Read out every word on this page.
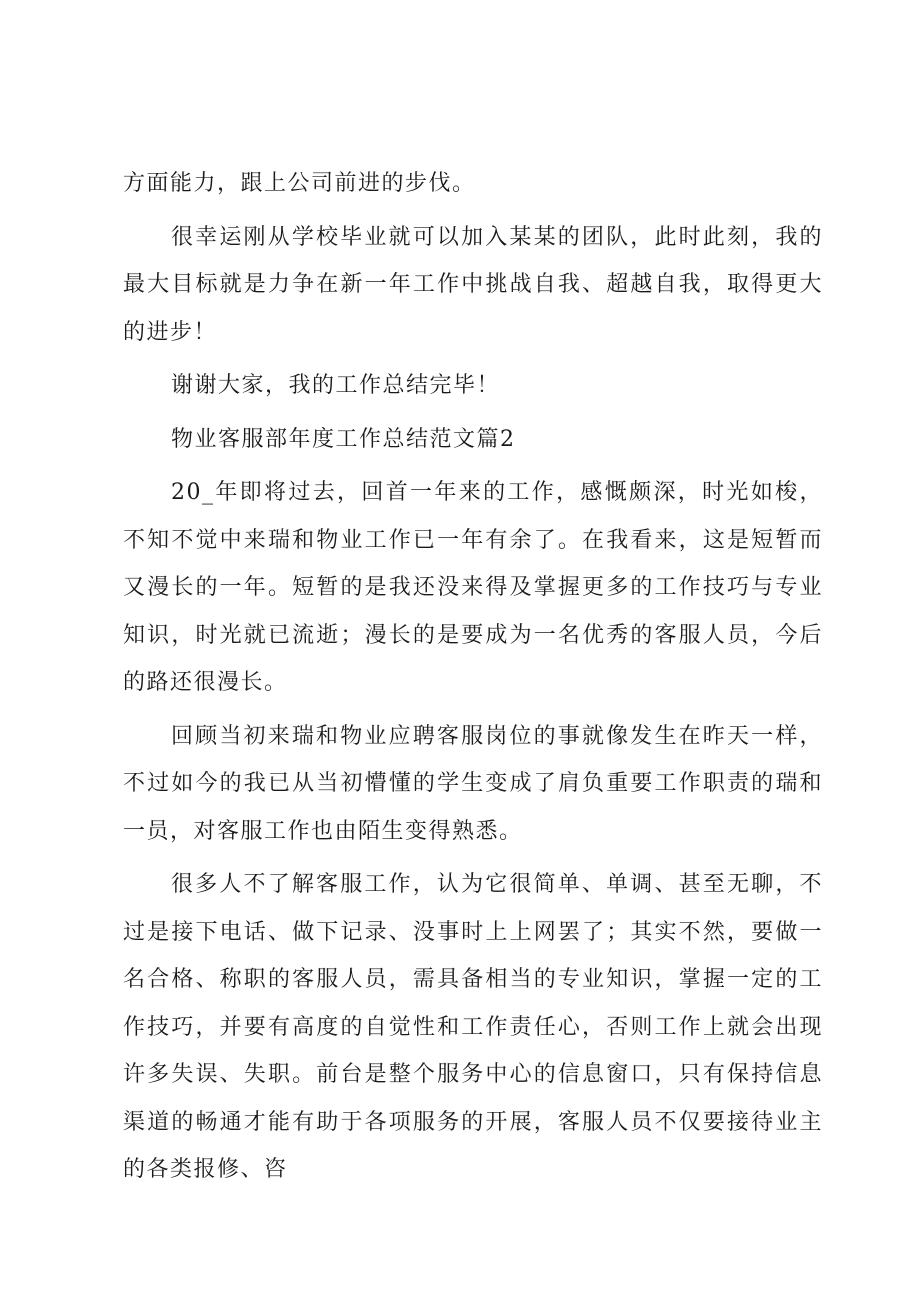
方面能力，跟上公司前进的步伐。

很幸运刚从学校毕业就可以加入某某的团队，此时此刻，我的最大目标就是力争在新一年工作中挑战自我、超越自我，取得更大的进步！

谢谢大家，我的工作总结完毕！

物业客服部年度工作总结范文篇2

20_年即将过去，回首一年来的工作，感慨颇深，时光如梭，不知不觉中来瑞和物业工作已一年有余了。在我看来，这是短暂而又漫长的一年。短暂的是我还没来得及掌握更多的工作技巧与专业知识，时光就已流逝；漫长的是要成为一名优秀的客服人员，今后的路还很漫长。

回顾当初来瑞和物业应聘客服岗位的事就像发生在昨天一样，不过如今的我已从当初懵懂的学生变成了肩负重要工作职责的瑞和一员，对客服工作也由陌生变得熟悉。

很多人不了解客服工作，认为它很简单、单调、甚至无聊，不过是接下电话、做下记录、没事时上上网罢了；其实不然，要做一名合格、称职的客服人员，需具备相当的专业知识，掌握一定的工作技巧，并要有高度的自觉性和工作责任心，否则工作上就会出现许多失误、失职。前台是整个服务中心的信息窗口，只有保持信息渠道的畅通才能有助于各项服务的开展，客服人员不仅要接待业主的各类报修、咨
